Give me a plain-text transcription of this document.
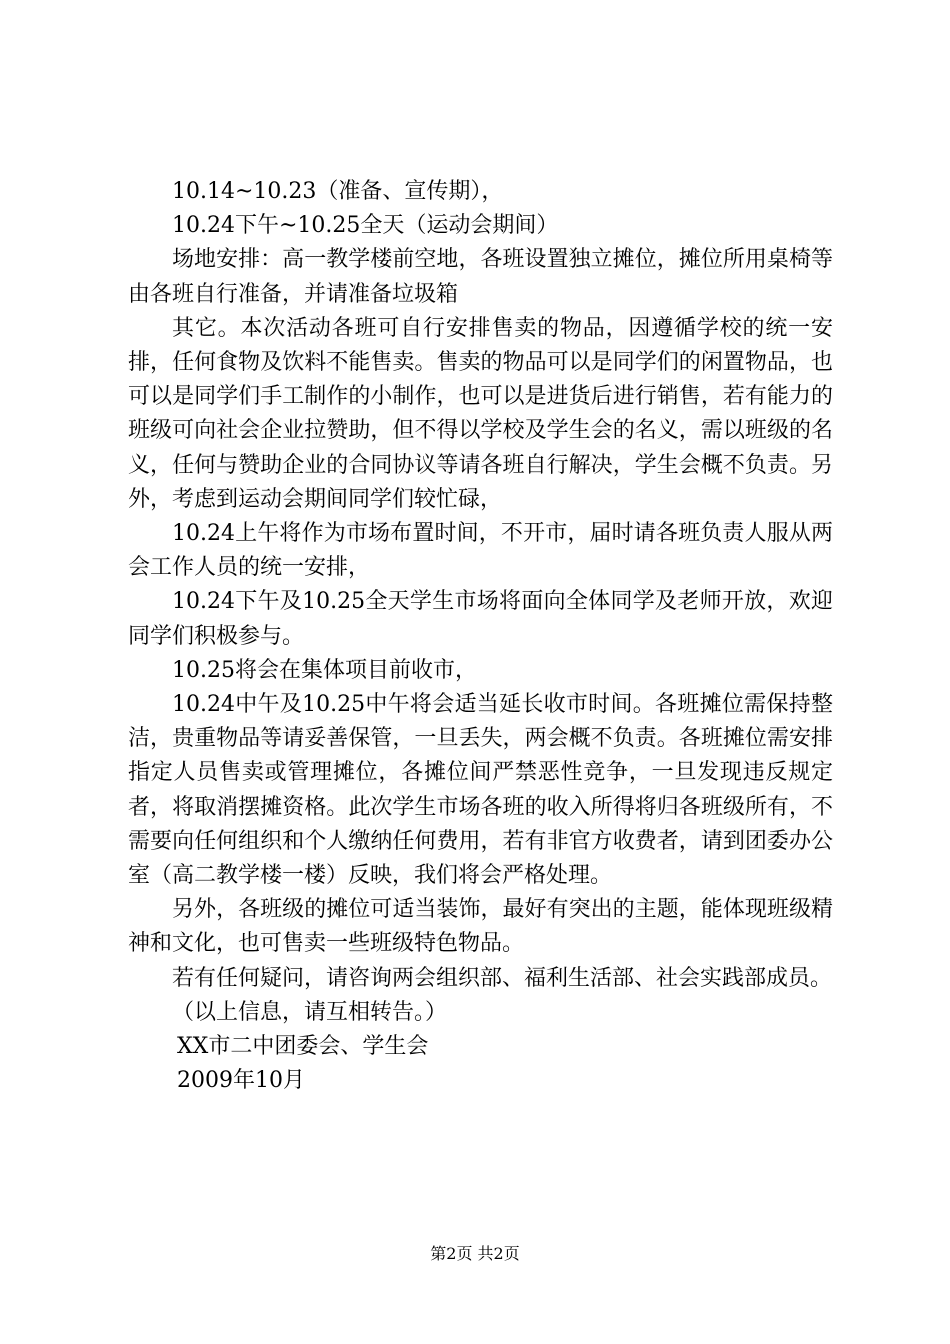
10.14~10.23（准备、宣传期），

10.24下午~10.25全天（运动会期间）

场地安排：高一教学楼前空地，各班设置独立摊位，摊位所用桌椅等由各班自行准备，并请准备垃圾箱

其它。本次活动各班可自行安排售卖的物品，因遵循学校的统一安排，任何食物及饮料不能售卖。售卖的物品可以是同学们的闲置物品，也可以是同学们手工制作的小制作，也可以是进货后进行销售，若有能力的班级可向社会企业拉赞助，但不得以学校及学生会的名义，需以班级的名义，任何与赞助企业的合同协议等请各班自行解决，学生会概不负责。另外，考虑到运动会期间同学们较忙碌，

10.24上午将作为市场布置时间，不开市，届时请各班负责人服从两会工作人员的统一安排，

10.24下午及10.25全天学生市场将面向全体同学及老师开放，欢迎同学们积极参与。

10.25将会在集体项目前收市，

10.24中午及10.25中午将会适当延长收市时间。各班摊位需保持整洁，贵重物品等请妥善保管，一旦丢失，两会概不负责。各班摊位需安排指定人员售卖或管理摊位，各摊位间严禁恶性竞争，一旦发现违反规定者，将取消摆摊资格。此次学生市场各班的收入所得将归各班级所有，不需要向任何组织和个人缴纳任何费用，若有非官方收费者，请到团委办公室（高二教学楼一楼）反映，我们将会严格处理。

另外，各班级的摊位可适当装饰，最好有突出的主题，能体现班级精神和文化，也可售卖一些班级特色物品。

若有任何疑问，请咨询两会组织部、福利生活部、社会实践部成员。

（以上信息，请互相转告。）

XX市二中团委会、学生会

2009年10月

第2页 共2页
